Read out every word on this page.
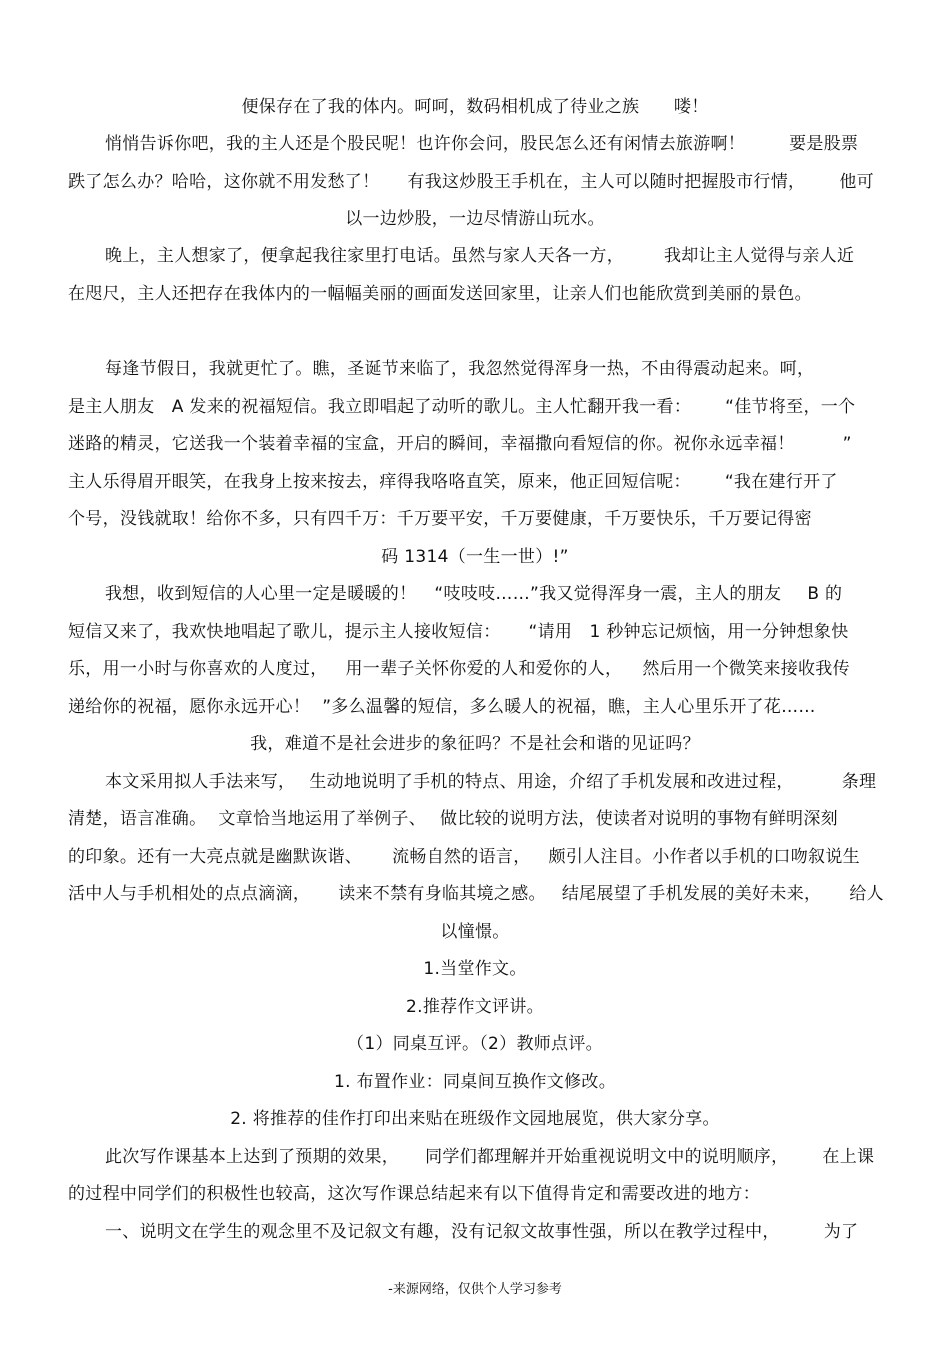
便保存在了我的体内。呵呵，数码相机成了待业之族　　喽！
悄悄告诉你吧，我的主人还是个股民呢！也许你会问，股民怎么还有闲情去旅游啊！	要是股票
跌了怎么办？哈哈，这你就不用发愁了！ 有我这炒股王手机在，主人可以随时把握股市行情， 他可
以一边炒股，一边尽情游山玩水。
晚上，主人想家了，便拿起我往家里打电话。虽然与家人天各一方， 我却让主人觉得与亲人近
在咫尺，主人还把存在我体内的一幅幅美丽的画面发送回家里，让亲人们也能欣赏到美丽的景色。
每逢节假日，我就更忙了。瞧，圣诞节来临了，我忽然觉得浑身一热，不由得震动起来。呵，
是主人朋友　A 发来的祝福短信。我立即唱起了动听的歌儿。主人忙翻开我一看： “佳节将至，一个
迷路的精灵，它送我一个装着幸福的宝盒，开启的瞬间，幸福撒向看短信的你。祝你永远幸福！	”
主人乐得眉开眼笑，在我身上按来按去，痒得我咯咯直笑，原来，他正回短信呢： “我在建行开了
个号，没钱就取！给你不多，只有四千万：千万要平安，千万要健康，千万要快乐，千万要记得密
码 1314（一生一世）!”
我想，收到短信的人心里一定是暖暖的！ “吱吱吱……”我又觉得浑身一震，主人的朋友 B 的
短信又来了，我欢快地唱起了歌儿，提示主人接收短信： “请用　1 秒钟忘记烦恼，用一分钟想象快
乐，用一小时与你喜欢的人度过， 用一辈子关怀你爱的人和爱你的人， 然后用一个微笑来接收我传
递给你的祝福，愿你永远开心！ ”多么温馨的短信，多么暖人的祝福，瞧，主人心里乐开了花……
我，难道不是社会进步的象征吗？不是社会和谐的见证吗？
本文采用拟人手法来写， 生动地说明了手机的特点、用途，介绍了手机发展和改进过程，	条理
清楚，语言准确。 文章恰当地运用了举例子、 做比较的说明方法，使读者对说明的事物有鲜明深刻
的印象。还有一大亮点就是幽默诙谐、 流畅自然的语言， 颇引人注目。小作者以手机的口吻叙说生
活中人与手机相处的点点滴滴， 读来不禁有身临其境之感。 结尾展望了手机发展的美好未来， 给人
以憧憬。
1.当堂作文。
2.推荐作文评讲。
（1）同桌互评。（2）教师点评。
1. 布置作业：同桌间互换作文修改。
2. 将推荐的佳作打印出来贴在班级作文园地展览，供大家分享。
此次写作课基本上达到了预期的效果， 同学们都理解并开始重视说明文中的说明顺序， 在上课
的过程中同学们的积极性也较高，这次写作课总结起来有以下值得肯定和需要改进的地方：
一、说明文在学生的观念里不及记叙文有趣，没有记叙文故事性强，所以在教学过程中，	为了
-来源网络，仅供个人学习参考
